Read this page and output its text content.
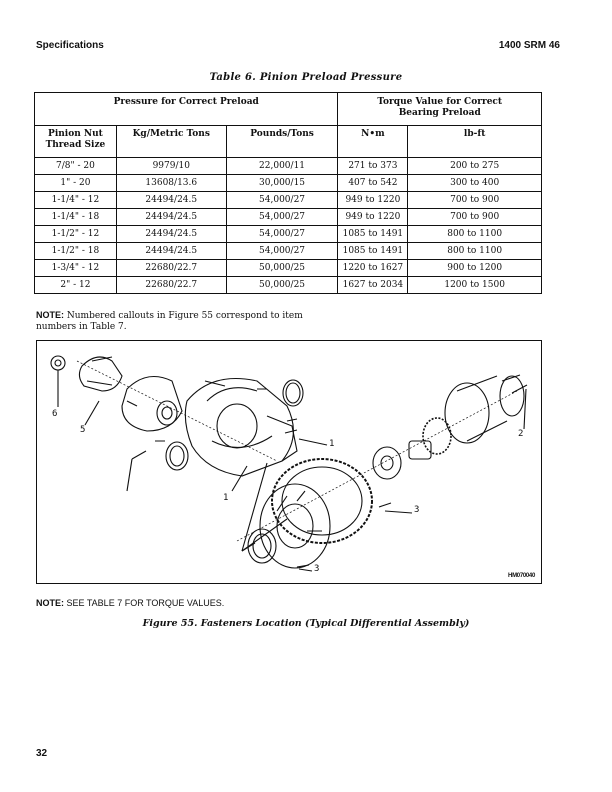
Specifications	1400 SRM 46
Table 6. Pinion Preload Pressure
Pressure for Correct Preload			Torque Value for Correct Bearing Preload	
Pinion Nut Thread Size	Kg/Metric Tons	Pounds/Tons	N•m	lb-ft
7/8" - 20	9979/10	22,000/11	271 to 373	200 to 275
1" - 20	13608/13.6	30,000/15	407 to 542	300 to 400
1-1/4" - 12	24494/24.5	54,000/27	949 to 1220	700 to 900
1-1/4" - 18	24494/24.5	54,000/27	949 to 1220	700 to 900
1-1/2" - 12	24494/24.5	54,000/27	1085 to 1491	800 to 1100
1-1/2" - 18	24494/24.5	54,000/27	1085 to 1491	800 to 1100
1-3/4" - 12	22680/22.7	50,000/25	1220 to 1627	900 to 1200
2" - 12	22680/22.7	50,000/25	1627 to 2034	1200 to 1500
NOTE: Numbered callouts in Figure 55 correspond to item numbers in Table 7.
6
5
1
1
2
3
3
HM070040
NOTE: SEE TABLE 7 FOR TORQUE VALUES.
Figure 55. Fasteners Location (Typical Differential Assembly)
32
